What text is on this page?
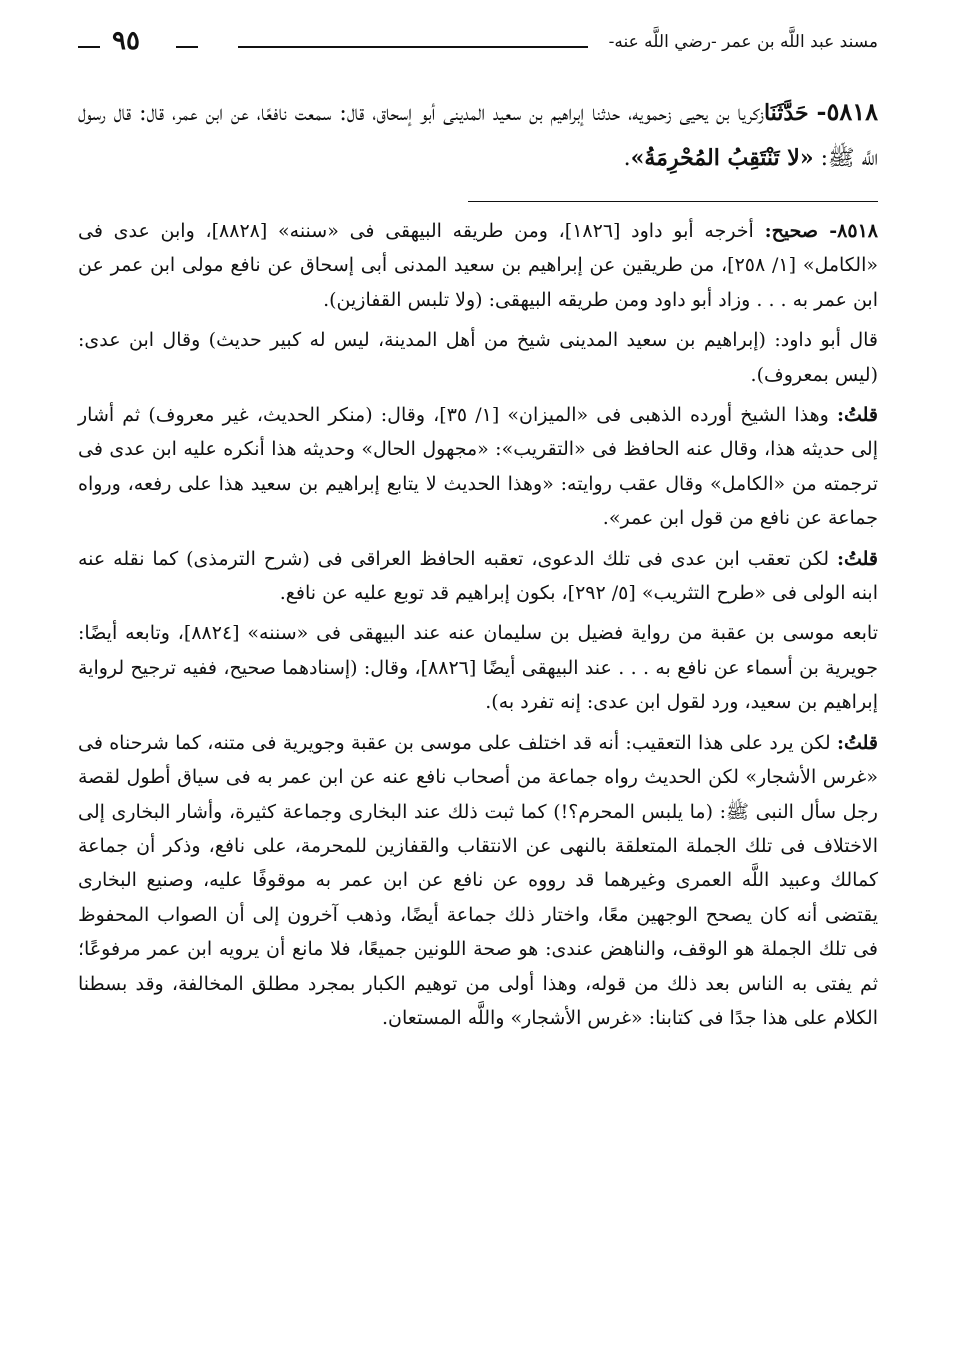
مسند عبد اللَّه بن عمر -رضي اللَّه عنه-
٩٥
٥٨١٨- حَدَّثَنَازكريا بن يحيى زحمويه، حدثنا إبراهيم بن سعيد المدينى أبو إسحاق، قال: سمعت نافعًا، عن ابن عمر، قال: قال رسول اللَّه ﷺ: «لا تَنْتَقِبُ المُحْرِمَةُ».

٨٥١٨- صحيح: أخرجه أبو داود [١٨٢٦]، ومن طريقه البيهقى فى «سننه» [٨٨٢٨]، وابن عدى فى «الكامل» [١/ ٢٥٨]، من طريقين عن إبراهيم بن سعيد المدنى أبى إسحاق عن نافع مولى ابن عمر عن ابن عمر به . . . وزاد أبو داود ومن طريقه البيهقى: (ولا تلبس القفازين).

قال أبو داود: (إبراهيم بن سعيد المدينى شيخ من أهل المدينة، ليس له كبير حديث) وقال ابن عدى: (ليس بمعروف).

قلتُ: وهذا الشيخ أورده الذهبى فى «الميزان» [١/ ٣٥]، وقال: (منكر الحديث، غير معروف) ثم أشار إلى حديثه هذا، وقال عنه الحافظ فى «التقريب»: «مجهول الحال» وحديثه هذا أنكره عليه ابن عدى فى ترجمته من «الكامل» وقال عقب روايته: «وهذا الحديث لا يتابع إبراهيم بن سعيد هذا على رفعه، ورواه جماعة عن نافع من قول ابن عمر».

قلتُ: لكن تعقب ابن عدى فى تلك الدعوى، تعقبه الحافظ العراقى فى (شرح الترمذى) كما نقله عنه ابنه الولى فى «طرح التثريب» [٥/ ٢٩٢]، بكون إبراهيم قد توبع عليه عن نافع.

تابعه موسى بن عقبة من رواية فضيل بن سليمان عنه عند البيهقى فى «سننه» [٨٨٢٤]، وتابعه أيضًا: جويرية بن أسماء عن نافع به . . . عند البيهقى أيضًا [٨٨٢٦]، وقال: (إسنادهما صحيح، ففيه ترجيح لرواية إبراهيم بن سعيد، ورد لقول ابن عدى: إنه تفرد به).

قلتُ: لكن يرد على هذا التعقيب: أنه قد اختلف على موسى بن عقبة وجويرية فى متنه، كما شرحناه فى «غرس الأشجار» لكن الحديث رواه جماعة من أصحاب نافع عنه عن ابن عمر به فى سياق أطول لقصة رجل سأل النبى ﷺ: (ما يلبس المحرم؟!) كما ثبت ذلك عند البخارى وجماعة كثيرة، وأشار البخارى إلى الاختلاف فى تلك الجملة المتعلقة بالنهى عن الانتقاب والقفازين للمحرمة، على نافع، وذكر أن جماعة كمالك وعبيد اللَّه العمرى وغيرهما قد رووه عن نافع عن ابن عمر به موقوفًا عليه، وصنيع البخارى يقتضى أنه كان يصحح الوجهين معًا، واختار ذلك جماعة أيضًا، وذهب آخرون إلى أن الصواب المحفوظ فى تلك الجملة هو الوقف، والناهض عندى: هو صحة اللونين جميعًا، فلا مانع أن يرويه ابن عمر مرفوعًا؛ ثم يفتى به الناس بعد ذلك من قوله، وهذا أولى من توهيم الكبار بمجرد مطلق المخالفة، وقد بسطنا الكلام على هذا جدًا فى كتابنا: «غرس الأشجار» واللَّه المستعان.
